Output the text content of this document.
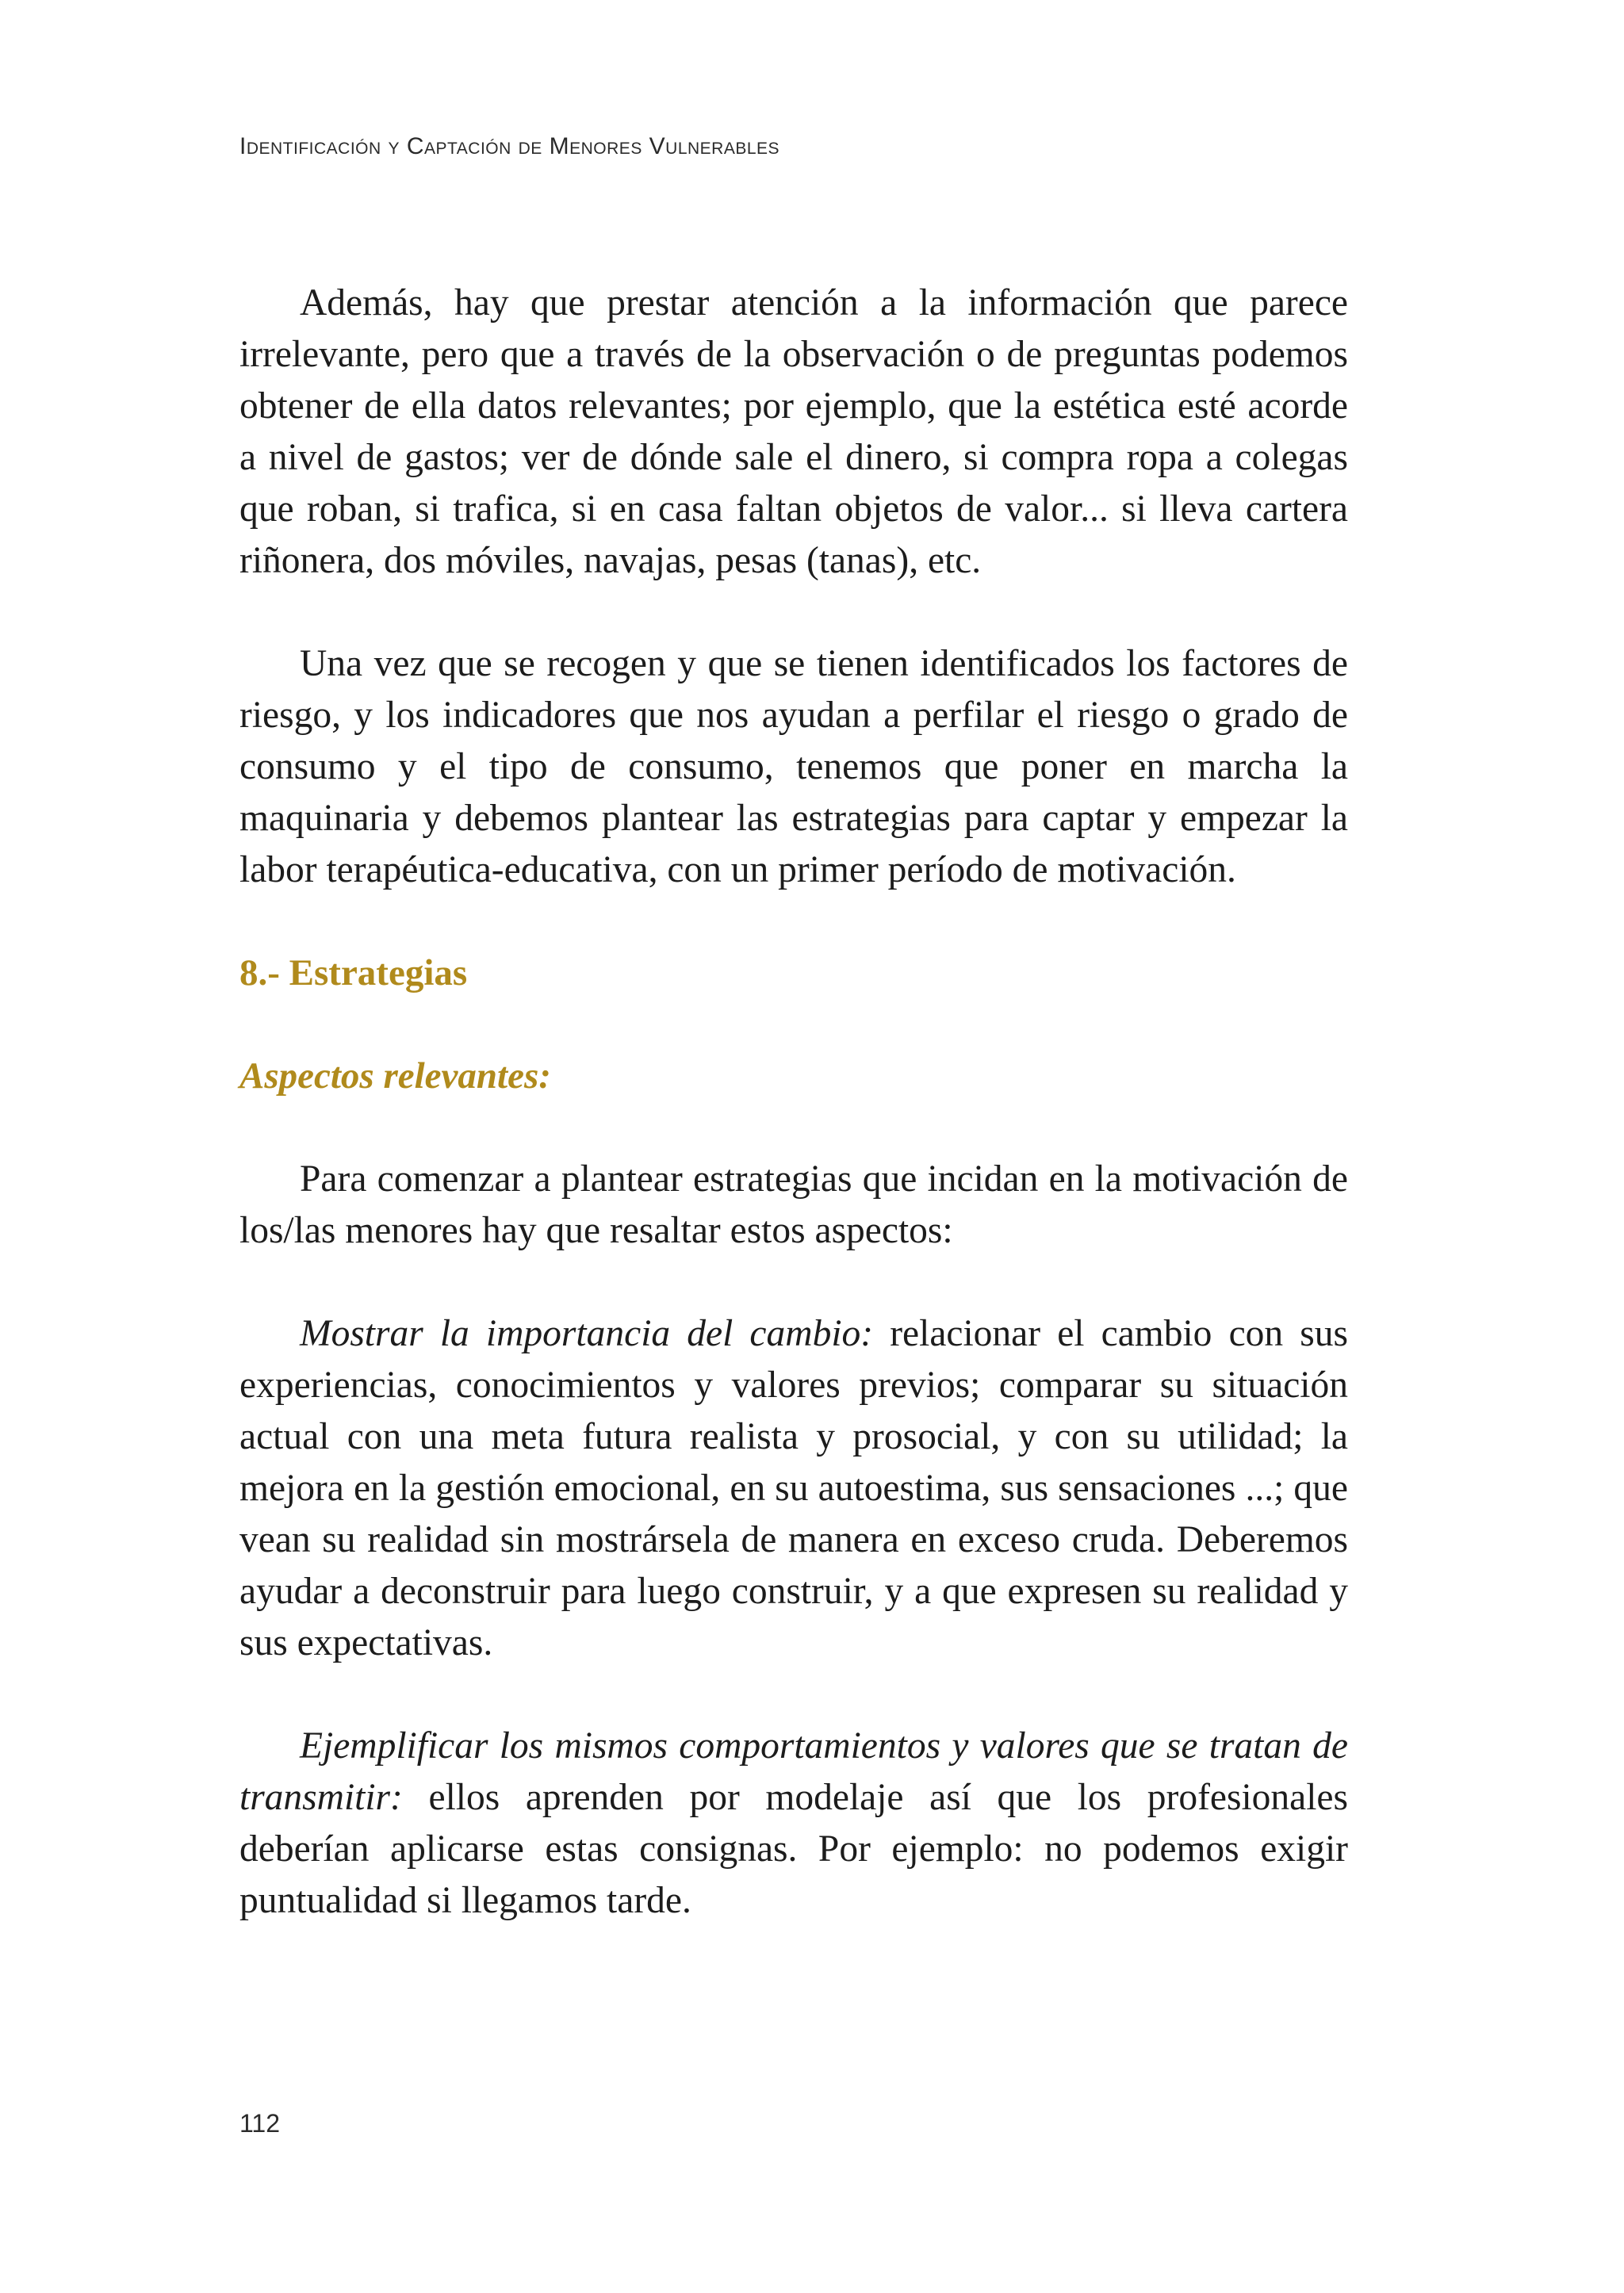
Identificación y Captación de Menores Vulnerables

Además, hay que prestar atención a la información que parece irrelevante, pero que a través de la observación o de preguntas podemos obtener de ella datos relevantes; por ejemplo, que la estética esté acorde a nivel de gastos; ver de dónde sale el dinero, si compra ropa a colegas que roban, si trafica, si en casa faltan objetos de valor... si lleva cartera riñonera, dos móviles, navajas, pesas (tanas), etc.

Una vez que se recogen y que se tienen identificados los factores de riesgo, y los indicadores que nos ayudan a perfilar el riesgo o grado de consumo y el tipo de consumo, tenemos que poner en marcha la maquinaria y debemos plantear las estrategias para captar y empezar la labor terapéutica-educativa, con un primer período de motivación.

8.- Estrategias
Aspectos relevantes:

Para comenzar a plantear estrategias que incidan en la motivación de los/las menores hay que resaltar estos aspectos:

Mostrar la importancia del cambio: relacionar el cambio con sus experiencias, conocimientos y valores previos; comparar su situación actual con una meta futura realista y prosocial, y con su utilidad; la mejora en la gestión emocional, en su autoestima, sus sensaciones ...; que vean su realidad sin mostrársela de manera en exceso cruda. Deberemos ayudar a deconstruir para luego construir, y a que expresen su realidad y sus expectativas.

Ejemplificar los mismos comportamientos y valores que se tratan de transmitir: ellos aprenden por modelaje así que los profesionales deberían aplicarse estas consignas. Por ejemplo: no podemos exigir puntualidad si llegamos tarde.

112
